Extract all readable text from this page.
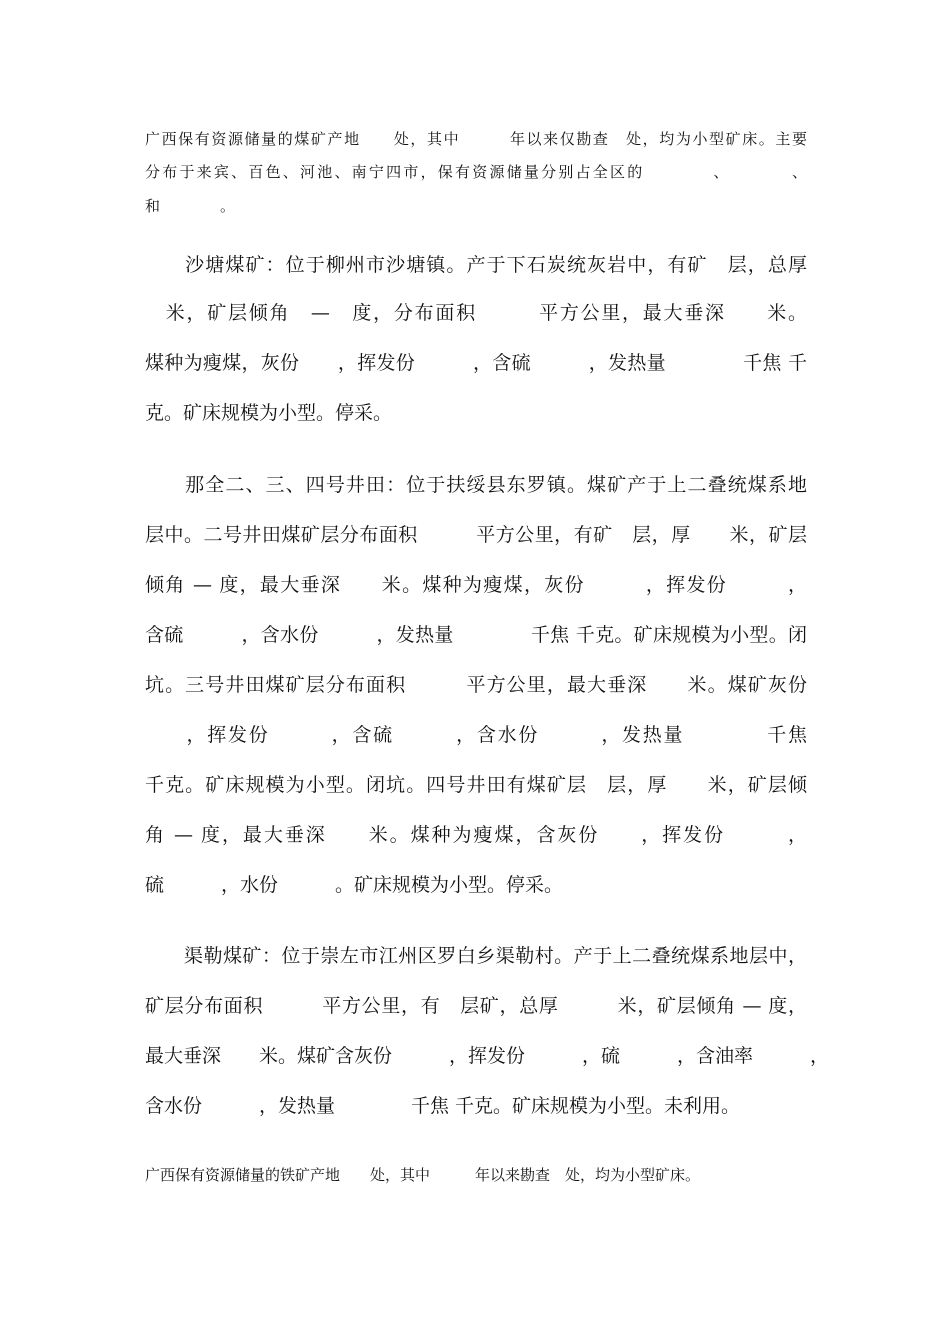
广西保有资源储量的煤矿产地　　处，其中　　　年以来仅勘查　处，均为小型矿床。主要
分布于来宾、百色、河池、南宁四市，保有资源储量分别占全区的　　　　、　　　　、
和　　　　。
　　沙塘煤矿：位于柳州市沙塘镇。产于下石炭统灰岩中，有矿　层，总厚
　米，矿层倾角　—　度，分布面积　　　平方公里，最大垂深　　米。
煤种为瘦煤，灰份　　，挥发份　　　，含硫　　　，发热量　　　　千焦 千
克。矿床规模为小型。停采。
　　那全二、三、四号井田：位于扶绥县东罗镇。煤矿产于上二叠统煤系地
层中。二号井田煤矿层分布面积　　　平方公里，有矿　层，厚　　米，矿层
倾角 — 度，最大垂深　　米。煤种为瘦煤，灰份　　　，挥发份　　　，
含硫　　　，含水份　　　，发热量　　　　千焦 千克。矿床规模为小型。闭
坑。三号井田煤矿层分布面积　　　平方公里，最大垂深　　米。煤矿灰份
　　，挥发份　　　，含硫　　　，含水份　　　，发热量　　　　千焦
千克。矿床规模为小型。闭坑。四号井田有煤矿层　层，厚　　米，矿层倾
角 — 度，最大垂深　　米。煤种为瘦煤，含灰份　　，挥发份　　　，
硫　　　，水份　　　。矿床规模为小型。停采。
　　渠勒煤矿：位于崇左市江州区罗白乡渠勒村。产于上二叠统煤系地层中，
矿层分布面积　　　平方公里，有　层矿，总厚　　　米，矿层倾角 — 度，
最大垂深　　米。煤矿含灰份　　　，挥发份　　　，硫　　　，含油率　　　，
含水份　　　，发热量　　　　千焦 千克。矿床规模为小型。未利用。
广西保有资源储量的铁矿产地　　处，其中　　　年以来勘查　处，均为小型矿床。
